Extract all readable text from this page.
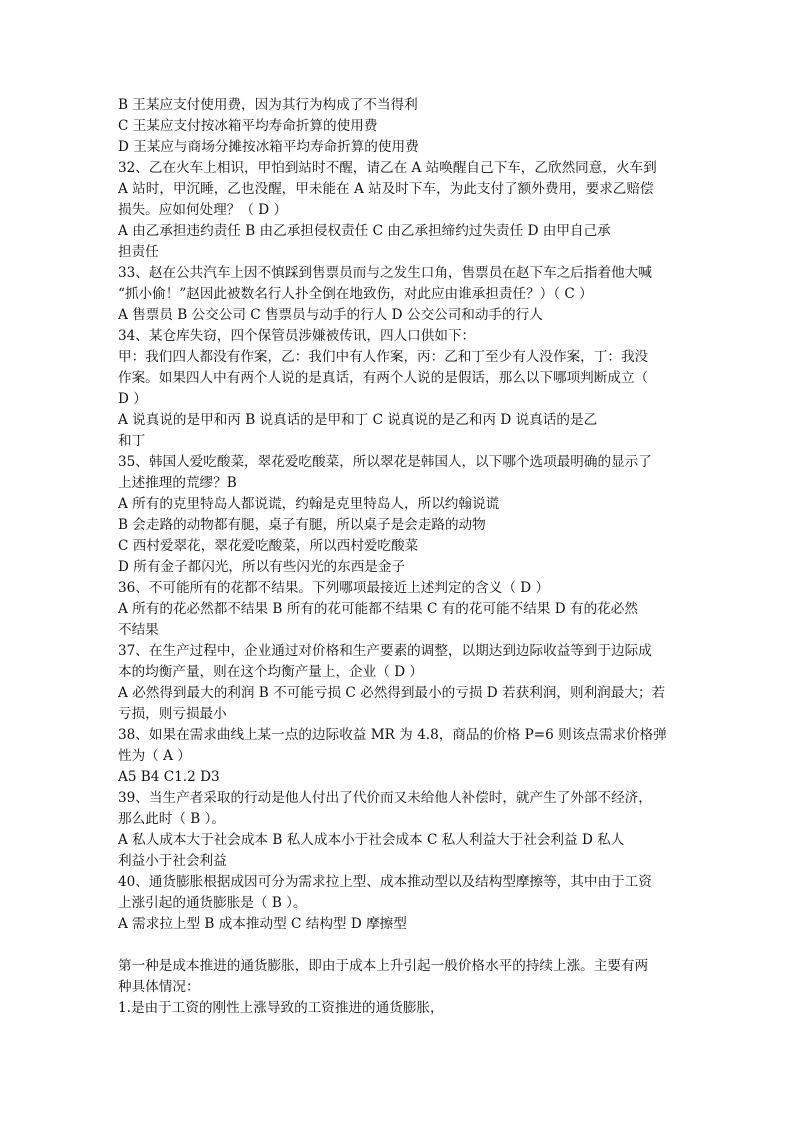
B 王某应支付使用费，因为其行为构成了不当得利
C 王某应支付按冰箱平均寿命折算的使用费
D 王某应与商场分摊按冰箱平均寿命折算的使用费
32、乙在火车上相识，甲怕到站时不醒，请乙在 A 站唤醒自己下车，乙欣然同意，火车到
A 站时，甲沉睡，乙也没醒，甲未能在 A 站及时下车，为此支付了额外费用，要求乙赔偿
损失。应如何处理？（ D ）
A 由乙承担违约责任 B 由乙承担侵权责任 C 由乙承担缔约过失责任 D 由甲自己承
担责任
33、赵在公共汽车上因不慎踩到售票员而与之发生口角，售票员在赵下车之后指着他大喊
“抓小偷！”赵因此被数名行人扑全倒在地致伤，对此应由谁承担责任？）（ C ）
A 售票员 B 公交公司 C 售票员与动手的行人 D 公交公司和动手的行人
34、某仓库失窃，四个保管员涉嫌被传讯，四人口供如下：
甲：我们四人都没有作案，乙：我们中有人作案，丙：乙和丁至少有人没作案，丁：我没
作案。如果四人中有两个人说的是真话，有两个人说的是假话，那么以下哪项判断成立（
D ）
A 说真说的是甲和丙 B 说真话的是甲和丁 C 说真说的是乙和丙 D 说真话的是乙
和丁
35、韩国人爱吃酸菜，翠花爱吃酸菜，所以翠花是韩国人，以下哪个选项最明确的显示了
上述推理的荒缪？B
A 所有的克里特岛人都说谎，约翰是克里特岛人，所以约翰说谎
B 会走路的动物都有腿，桌子有腿，所以桌子是会走路的动物
C 西村爱翠花，翠花爱吃酸菜，所以西村爱吃酸菜
D 所有金子都闪光，所以有些闪光的东西是金子
36、不可能所有的花都不结果。下列哪项最接近上述判定的含义（ D ）
A 所有的花必然都不结果 B 所有的花可能都不结果 C 有的花可能不结果 D 有的花必然
不结果
37、在生产过程中，企业通过对价格和生产要素的调整，以期达到边际收益等到于边际成
本的均衡产量，则在这个均衡产量上，企业（ D ）
A 必然得到最大的利润 B 不可能亏损 C 必然得到最小的亏损 D 若获利润，则利润最大；若
亏损，则亏损最小
38、如果在需求曲线上某一点的边际收益 MR 为 4.8，商品的价格 P=6 则该点需求价格弹
性为（ A ）
A5 B4 C1.2 D3
39、当生产者采取的行动是他人付出了代价而又未给他人补偿时，就产生了外部不经济，
那么此时（ B ）。
A 私人成本大于社会成本 B 私人成本小于社会成本 C 私人利益大于社会利益 D 私人
利益小于社会利益
40、通货膨胀根据成因可分为需求拉上型、成本推动型以及结构型摩擦等，其中由于工资
上涨引起的通货膨胀是（ B ）。
A 需求拉上型 B 成本推动型 C 结构型 D 摩擦型
第一种是成本推进的通货膨胀，即由于成本上升引起一般价格水平的持续上涨。主要有两
种具体情况：
1.是由于工资的刚性上涨导致的工资推进的通货膨胀，
